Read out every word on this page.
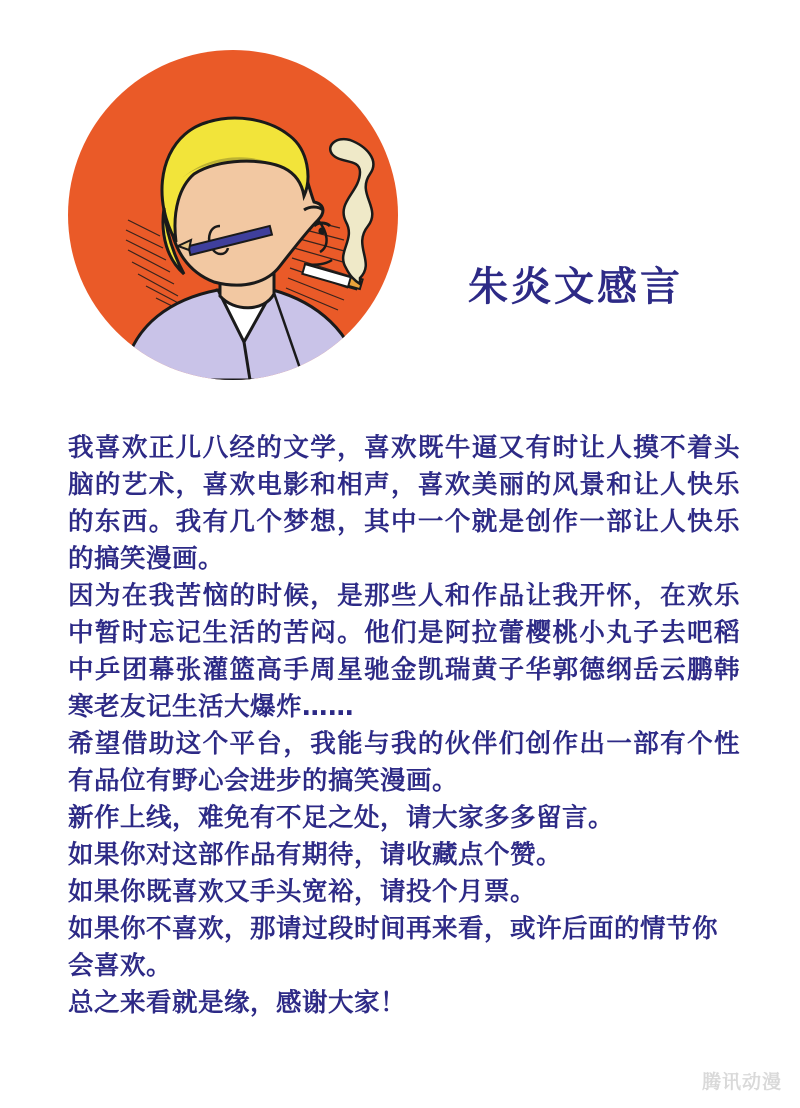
朱炎文感言

我喜欢正儿八经的文学，喜欢既牛逼又有时让人摸不着头脑的艺术，喜欢电影和相声，喜欢美丽的风景和让人快乐的东西。我有几个梦想，其中一个就是创作一部让人快乐的搞笑漫画。

因为在我苦恼的时候，是那些人和作品让我开怀，在欢乐中暂时忘记生活的苦闷。他们是阿拉蕾樱桃小丸子去吧稻中乒团幕张灌篮高手周星驰金凯瑞黄子华郭德纲岳云鹏韩寒老友记生活大爆炸……

希望借助这个平台，我能与我的伙伴们创作出一部有个性有品位有野心会进步的搞笑漫画。

新作上线，难免有不足之处，请大家多多留言。

如果你对这部作品有期待，请收藏点个赞。

如果你既喜欢又手头宽裕，请投个月票。

如果你不喜欢，那请过段时间再来看，或许后面的情节你会喜欢。

总之来看就是缘，感谢大家！

腾讯动漫
